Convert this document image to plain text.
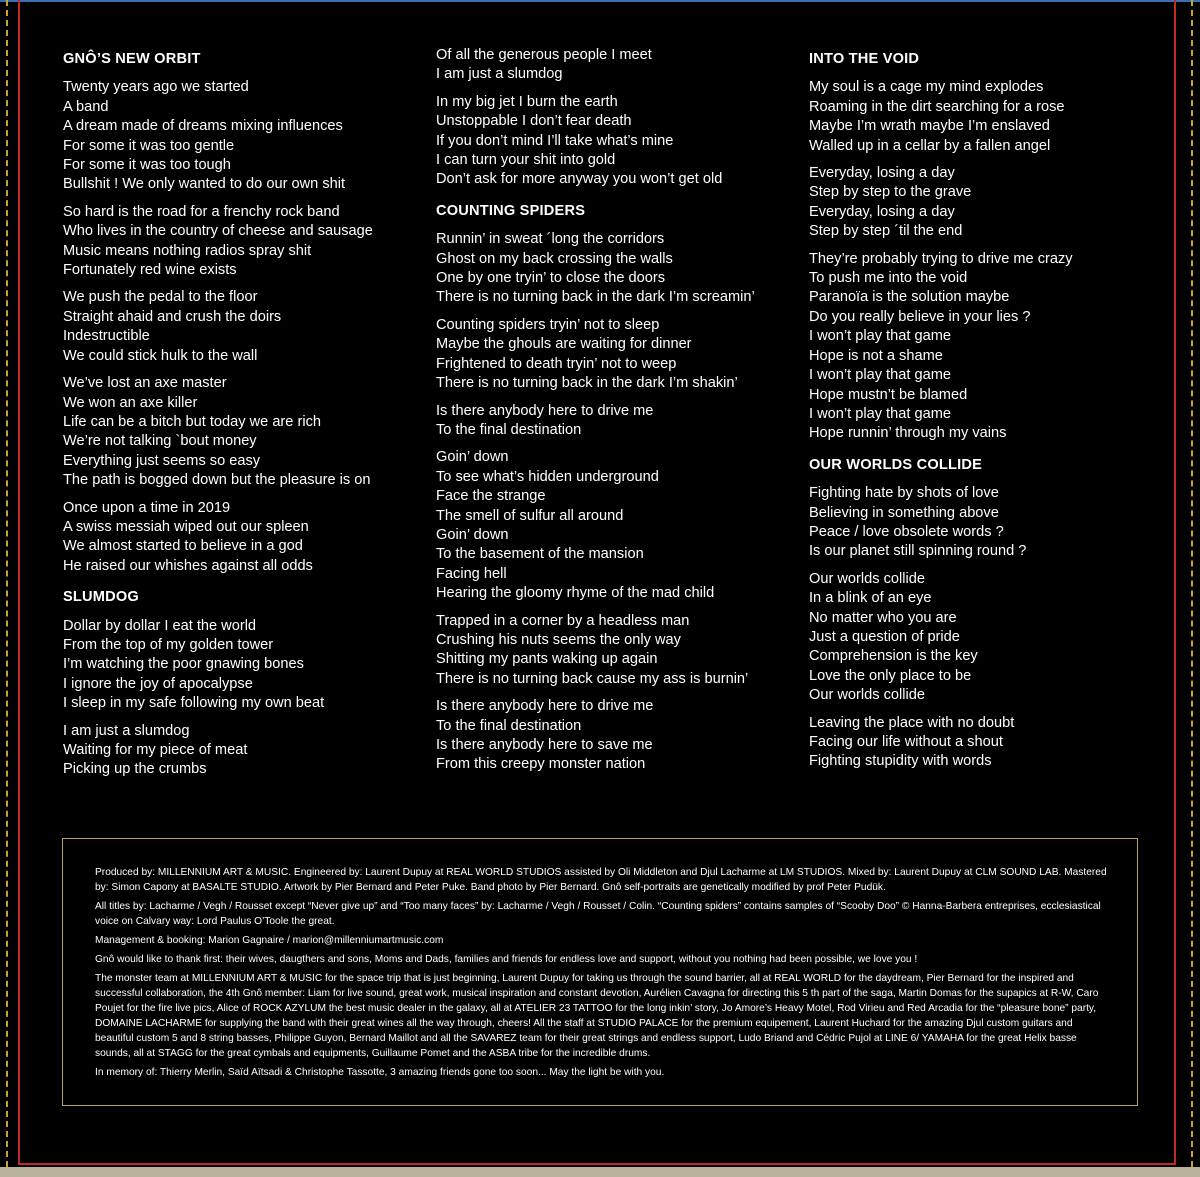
GNÔ’S NEW ORBIT
Twenty years ago we started
A band
A dream made of dreams mixing influences
For some it was too gentle
For some it was too tough
Bullshit ! We only wanted to do our own shit
So hard is the road for a frenchy rock band
Who lives in the country of cheese and sausage
Music means nothing radios spray shit
Fortunately red wine exists
We push the pedal to the floor
Straight ahaid and crush the doirs
Indestructible
We could stick hulk to the wall
We’ve lost an axe master
We won an axe killer
Life can be a bitch but today we are rich
We’re not talking `bout money
Everything just seems so easy
The path is bogged down but the pleasure is on
Once upon a time in 2019
A swiss messiah wiped out our spleen
We almost started to believe in a god
He raised our whishes against all odds
SLUMDOG
Dollar by dollar I eat the world
From the top of my golden tower
I’m watching the poor gnawing bones
I ignore the joy of apocalypse
I sleep in my safe following my own beat
I am just a slumdog
Waiting for my piece of meat
Picking up the crumbs
Of all the generous people I meet
I am just a slumdog
In my big jet I burn the earth
Unstoppable I don’t fear death
If you don’t mind I’ll take what’s mine
I can turn your shit into gold
Don’t ask for more anyway you won’t get old
COUNTING SPIDERS
Runnin’ in sweat ´long the corridors
Ghost on my back crossing the walls
One by one tryin’ to close the doors
There is no turning back in the dark I’m screamin’
Counting spiders tryin’ not to sleep
Maybe the ghouls are waiting for dinner
Frightened to death tryin’ not to weep
There is no turning back in the dark I’m shakin’
Is there anybody here to drive me
To the final destination
Goin’ down
To see what’s hidden underground
Face the strange
The smell of sulfur all around
Goin’ down
To the basement of the mansion
Facing hell
Hearing the gloomy rhyme of the mad child
Trapped in a corner by a headless man
Crushing his nuts seems the only way
Shitting my pants waking up again
There is no turning back cause my ass is burnin’
Is there anybody here to drive me
To the final destination
Is there anybody here to save me
From this creepy monster nation
INTO THE VOID
My soul is a cage my mind explodes
Roaming in the dirt searching for a rose
Maybe I’m wrath maybe I’m enslaved
Walled up in a cellar by a fallen angel
Everyday, losing a day
Step by step to the grave
Everyday, losing a day
Step by step ´til the end
They’re probably trying to drive me crazy
To push me into the void
Paranoïa is the solution maybe
Do you really believe in your lies ?
I won’t play that game
Hope is not a shame
I won’t play that game
Hope mustn’t be blamed
I won’t play that game
Hope runnin’ through my vains
OUR WORLDS COLLIDE
Fighting hate by shots of love
Believing in something above
Peace / love obsolete words ?
Is our planet still spinning round ?
Our worlds collide
In a blink of an eye
No matter who you are
Just a question of pride
Comprehension is the key
Love the only place to be
Our worlds collide
Leaving the place with no doubt
Facing our life without a shout
Fighting stupidity with words

Produced by: MILLENNIUM ART & MUSIC. Engineered by: Laurent Dupuy at REAL WORLD STUDIOS assisted by Oli Middleton and Djul Lacharme at LM STUDIOS. Mixed by: Laurent Dupuy at CLM SOUND LAB. Mastered by: Simon Capony at BASALTE STUDIO. Artwork by Pier Bernard and Peter Puke. Band photo by Pier Bernard. Gnô self-portraits are genetically modified by prof Peter Pudük.

All titles by: Lacharme / Vegh / Rousset except “Never give up” and “Too many faces” by: Lacharme / Vegh / Rousset / Colin. “Counting spiders” contains samples of “Scooby Doo” © Hanna-Barbera entreprises, ecclesiastical voice on Calvary way: Lord Paulus O’Toole the great.

Management & booking: Marion Gagnaire / marion@millenniumartmusic.com

Gnô would like to thank first: their wives, daugthers and sons, Moms and Dads, families and friends for endless love and support, without you nothing had been possible, we love you !

The monster team at MILLENNIUM ART & MUSIC for the space trip that is just beginning, Laurent Dupuy for taking us through the sound barrier, all at REAL WORLD for the daydream, Pier Bernard for the inspired and successful collaboration, the 4th Gnô member: Liam for live sound, great work, musical inspiration and constant devotion, Aurélien Cavagna for directing this 5 th part of the saga, Martin Domas for the supapics at R-W, Caro Poujet for the fire live pics, Alice of ROCK AZYLUM the best music dealer in the galaxy, all at ATELIER 23 TATTOO for the long inkin’ story, Jo Amore’s Heavy Motel, Rod Virieu and Red Arcadia for the “pleasure bone” party, DOMAINE LACHARME for supplying the band with their great wines all the way through, cheers! All the staff at STUDIO PALACE for the premium equipement, Laurent Huchard for the amazing Djul custom guitars and beautiful custom 5 and 8 string basses, Philippe Guyon, Bernard Maillot and all the SAVAREZ team for their great strings and endless support, Ludo Briand and Cédric Pujol at LINE 6/ YAMAHA for the great Helix basse sounds, all at STAGG for the great cymbals and equipments, Guillaume Pomet and the ASBA tribe for the incredible drums.

In memory of: Thierry Merlin, Saïd Aïtsadi & Christophe Tassotte, 3 amazing friends gone too soon... May the light be with you.
